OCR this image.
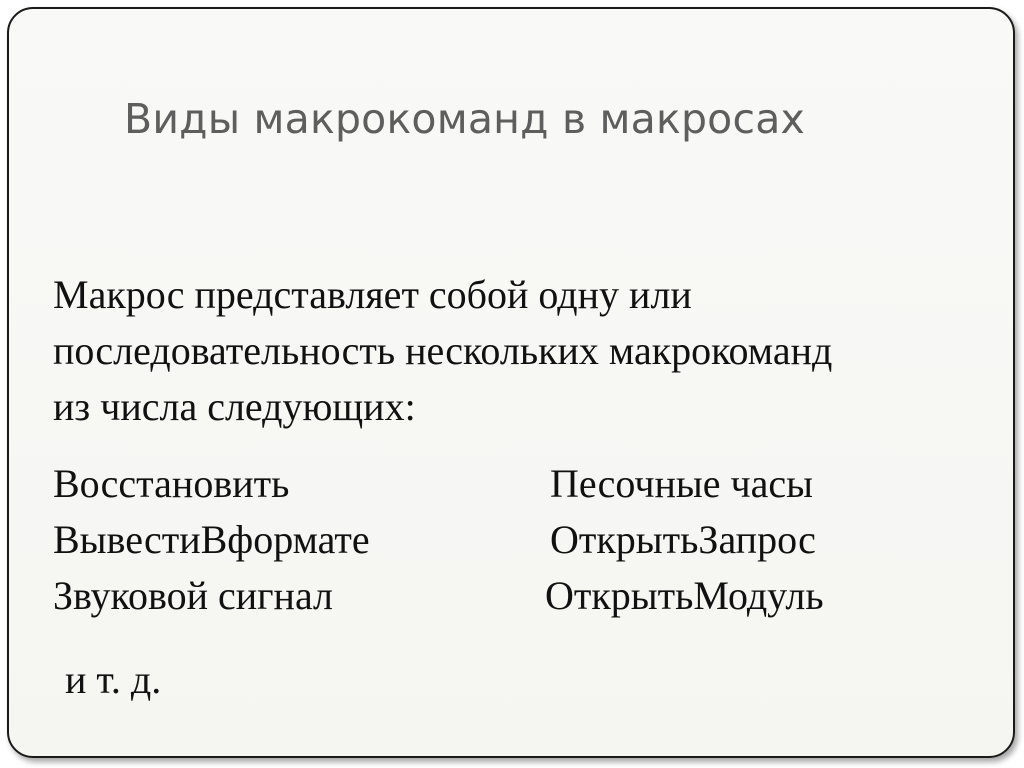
Виды макрокоманд в макросах

Макрос представляет собой одну или
последовательность нескольких макрокоманд
из числа следующих:

Восстановить
ВывестиВформате
Звуковой сигнал
Песочные часы
ОткрытьЗапрос
ОткрытьМодуль

и т. д.
